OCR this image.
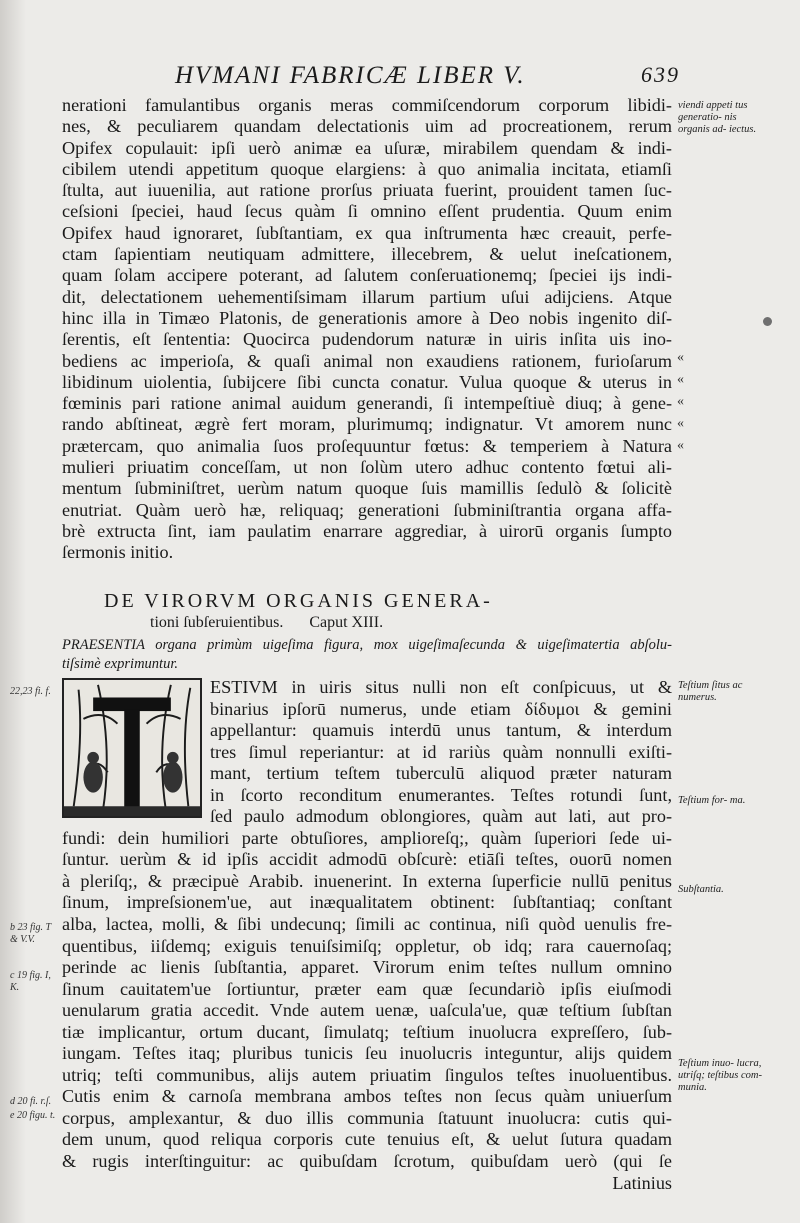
HVMANI FABRICÆ LIBER V.	639
nerationi famulantibus organis meras commiſcendorum corporum libidi-
nes, & peculiarem quandam delectationis uim ad procreationem, rerum
Opifex copulauit: ipſi uerò animæ ea uſuræ, mirabilem quendam & indi-
cibilem utendi appetitum quoque elargiens: à quo animalia incitata, etiamſi
ſtulta, aut iuuenilia, aut ratione prorſus priuata fuerint, prouident tamen ſuc-
ceſsioni ſpeciei, haud ſecus quàm ſi omnino eſſent prudentia. Quum enim
Opifex haud ignoraret, ſubſtantiam, ex qua inſtrumenta hæc creauit, perfe-
ctam ſapientiam neutiquam admittere, illecebrem, & uelut ineſcationem,
quam ſolam accipere poterant, ad ſalutem conſeruationemq; ſpeciei ijs indi-
dit, delectationem uehementiſsimam illarum partium uſui adijciens. Atque
hinc illa in Timæo Platonis, de generationis amore à Deo nobis ingenito diſ-
ſerentis, eſt ſententia: Quocirca pudendorum naturæ in uiris inſita uis ino-
bediens ac imperioſa, & quaſi animal non exaudiens rationem, furioſarum
libidinum uiolentia, ſubijcere ſibi cuncta conatur. Vulua quoque & uterus in
fœminis pari ratione animal auidum generandi, ſi intempeſtiuè diuq; à gene-
rando abſtineat, ægrè fert moram, plurimumq; indignatur. Vt amorem nunc
prætercam, quo animalia ſuos proſequuntur fœtus: & temperiem à Natura
mulieri priuatim conceſſam, ut non ſolùm utero adhuc contento fœtui ali-
mentum ſubminiſtret, uerùm natum quoque ſuis mamillis ſedulò & ſolicitè
enutriat. Quàm uerò hæ, reliquaq; generationi ſubminiſtrantia organa affa-
brè extructa ſint, iam paulatim enarrare aggrediar, à uirorū organis ſumpto
ſermonis initio.
DE VIRORVM ORGANIS GENERA-
tioni ſubſeruientibus. Caput XIII.
PRAESENTIA organa primùm uigeſima figura, mox uigeſimaſecunda & uigeſimatertia abſolu-
tiſsimè exprimuntur.
ESTIVM in uiris situs nulli non eſt conſpicuus, ut &
binarius ipſorū numerus, unde etiam δίδυμοι & gemini
appellantur: quamuis interdū unus tantum, & interdum
tres ſimul reperiantur: at id rariùs quàm nonnulli exiſti-
mant, tertium teſtem tuberculū aliquod præter naturam
in ſcorto reconditum enumerantes. Teſtes rotundi ſunt,
ſed paulo admodum oblongiores, quàm aut lati, aut pro-
fundi: dein humiliori parte obtuſiores, amplioreſq;, quàm ſuperiori ſede ui-
ſuntur. uerùm & id ipſis accidit admodū obſcurè: etiāſi teſtes, ouorū nomen
à pleriſq;, & præcipuè Arabib. inuenerint. In externa ſuperficie nullū penitus
ſinum, impreſsionem'ue, aut inæqualitatem obtinent: ſubſtantiaq; conſtant
alba, lactea, molli, & ſibi undecunq; ſimili ac continua, niſi quòd uenulis fre-
quentibus, iiſdemq; exiguis tenuiſsimiſq; oppletur, ob idq; rara cauernoſaq;
perinde ac lienis ſubſtantia, apparet. Virorum enim teſtes nullum omnino
ſinum cauitatem'ue ſortiuntur, præter eam quæ ſecundariò ipſis eiuſmodi
uenularum gratia accedit. Vnde autem uenæ, uaſcula'ue, quæ teſtium ſubſtan
tiæ implicantur, ortum ducant, ſimulatq; teſtium inuolucra expreſſero, ſub-
iungam. Teſtes itaq; pluribus tunicis ſeu inuolucris integuntur, alijs quidem
utriq; teſti communibus, alijs autem priuatim ſingulos teſtes inuoluentibus.
Cutis enim & carnoſa membrana ambos teſtes non ſecus quàm uniuerſum
corpus, amplexantur, & duo illis communia ſtatuunt inuolucra: cutis qui-
dem unum, quod reliqua corporis cute tenuius eſt, & uelut ſutura quadam
& rugis interſtinguitur: ac quibuſdam ſcrotum, quibuſdam uerò (qui ſe
Latinius
viendi appeti tus generatio- nis organis ad- iectus.
Teſtium ſitus ac numerus.
Teſtium for- ma.
Subſtantia.
Teſtium inuo- lucra, utriſq; teſtibus com- munia.
22,23 fi. f.
b 23 fig. T & V.V.
c 19 fig. I, K.
d 20 fi. r.ſ.
e 20 figu. t.
«
«
«
«
«
